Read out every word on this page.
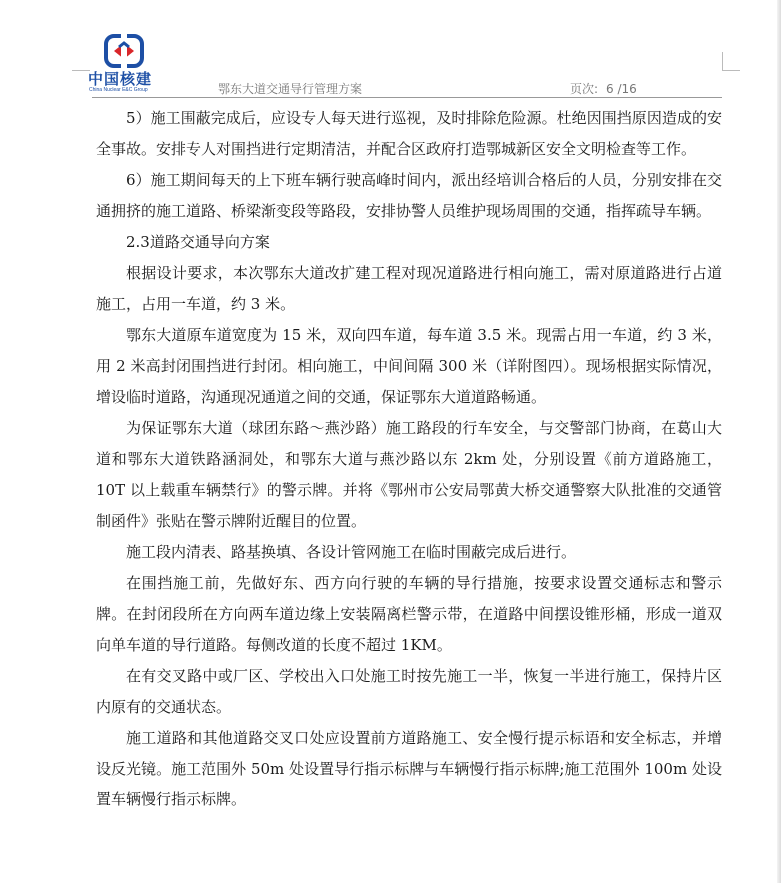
中国核建
China Nuclear E&C Group	鄂东大道交通导行管理方案	页次: 6 /16

5）施工围蔽完成后，应设专人每天进行巡视，及时排除危险源。杜绝因围挡原因造成的安全事故。安排专人对围挡进行定期清洁，并配合区政府打造鄂城新区安全文明检查等工作。

6）施工期间每天的上下班车辆行驶高峰时间内，派出经培训合格后的人员，分别安排在交通拥挤的施工道路、桥梁渐变段等路段，安排协警人员维护现场周围的交通，指挥疏导车辆。

2.3道路交通导向方案

根据设计要求，本次鄂东大道改扩建工程对现况道路进行相向施工，需对原道路进行占道施工，占用一车道，约 3 米。

鄂东大道原车道宽度为 15 米，双向四车道，每车道 3.5 米。现需占用一车道，约 3 米，用 2 米高封闭围挡进行封闭。相向施工，中间间隔 300 米（详附图四）。现场根据实际情况，增设临时道路，沟通现况通道之间的交通，保证鄂东大道道路畅通。

为保证鄂东大道（球团东路～燕沙路）施工路段的行车安全，与交警部门协商，在葛山大道和鄂东大道铁路涵洞处，和鄂东大道与燕沙路以东 2km 处，分别设置《前方道路施工，10T 以上载重车辆禁行》的警示牌。并将《鄂州市公安局鄂黄大桥交通警察大队批准的交通管制函件》张贴在警示牌附近醒目的位置。

施工段内清表、路基换填、各设计管网施工在临时围蔽完成后进行。

在围挡施工前，先做好东、西方向行驶的车辆的导行措施，按要求设置交通标志和警示牌。在封闭段所在方向两车道边缘上安装隔离栏警示带，在道路中间摆设锥形桶，形成一道双向单车道的导行道路。每侧改道的长度不超过 1KM。

在有交叉路中或厂区、学校出入口处施工时按先施工一半，恢复一半进行施工，保持片区内原有的交通状态。

施工道路和其他道路交叉口处应设置前方道路施工、安全慢行提示标语和安全标志，并增设反光镜。施工范围外 50m 处设置导行指示标牌与车辆慢行指示标牌;施工范围外 100m 处设置车辆慢行指示标牌。
